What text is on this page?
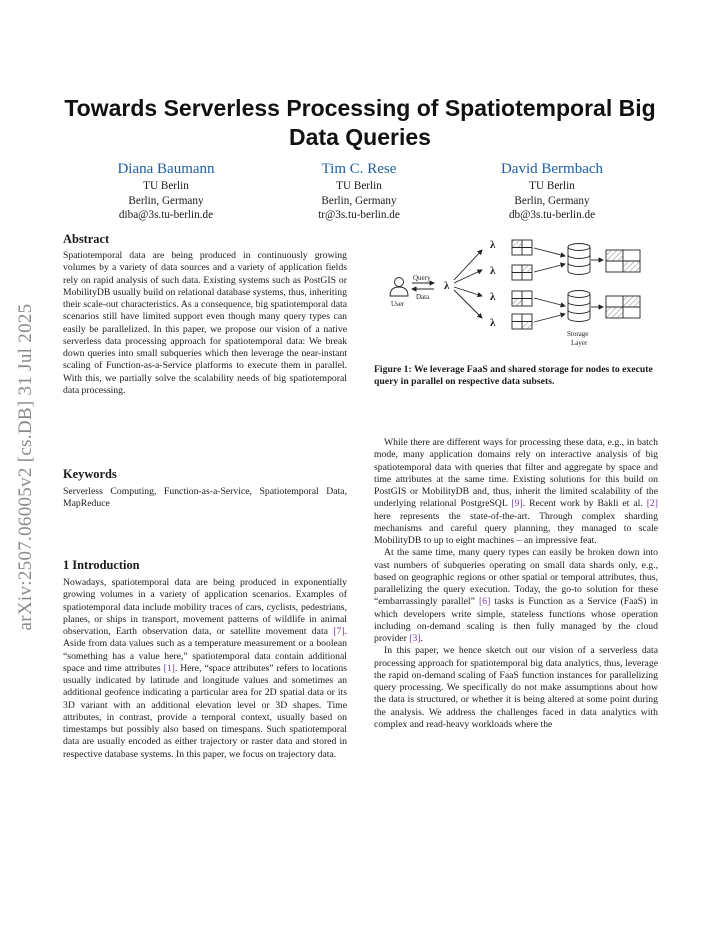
arXiv:2507.06005v2 [cs.DB] 31 Jul 2025
Towards Serverless Processing of Spatiotemporal Big Data Queries
Diana Baumann
TU Berlin
Berlin, Germany
diba@3s.tu-berlin.de
Tim C. Rese
TU Berlin
Berlin, Germany
tr@3s.tu-berlin.de
David Bermbach
TU Berlin
Berlin, Germany
db@3s.tu-berlin.de
Abstract

Spatiotemporal data are being produced in continuously growing volumes by a variety of data sources and a variety of application fields rely on rapid analysis of such data. Existing systems such as PostGIS or MobilityDB usually build on relational database systems, thus, inheriting their scale-out characteristics. As a consequence, big spatiotemporal data scenarios still have limited support even though many query types can easily be parallelized. In this paper, we propose our vision of a native serverless data processing approach for spatiotemporal data: We break down queries into small subqueries which then leverage the near-instant scaling of Function-as-a-Service platforms to execute them in parallel. With this, we partially solve the scalability needs of big spatiotemporal data processing.

Keywords

Serverless Computing, Function-as-a-Service, Spatiotemporal Data, MapReduce

1 Introduction

Nowadays, spatiotemporal data are being produced in exponentially growing volumes in a variety of application scenarios. Examples of spatiotemporal data include mobility traces of cars, cyclists, pedestrians, planes, or ships in transport, movement patterns of wildlife in animal observation, Earth observation data, or satellite movement data [7]. Aside from data values such as a temperature measurement or a boolean “something has a value here,” spatiotemporal data contain additional space and time attributes [1]. Here, “space attributes” refers to locations usually indicated by latitude and longitude values and sometimes an additional geofence indicating a particular area for 2D spatial data or its 3D variant with an additional elevation level or 3D shapes. Time attributes, in contrast, provide a temporal context, usually based on timestamps but possibly also based on timespans. Such spatiotemporal data are usually encoded as either trajectory or raster data and stored in respective database systems. In this paper, we focus on trajectory data.

User
Query
Data
λ
λ
λ
λ
λ
Storage
Layer
Figure 1: We leverage FaaS and shared storage for nodes to execute query in parallel on respective data subsets.

While there are different ways for processing these data, e.g., in batch mode, many application domains rely on interactive analysis of big spatiotemporal data with queries that filter and aggregate by space and time attributes at the same time. Existing solutions for this build on PostGIS or MobilityDB and, thus, inherit the limited scalability of the underlying relational PostgreSQL [9]. Recent work by Bakli et al. [2] here represents the state-of-the-art. Through complex sharding mechanisms and careful query planning, they managed to scale MobilityDB to up to eight machines – an impressive feat.

At the same time, many query types can easily be broken down into vast numbers of subqueries operating on small data shards only, e.g., based on geographic regions or other spatial or temporal attributes, thus, parallelizing the query execution. Today, the go-to solution for these “embarrassingly parallel” [6] tasks is Function as a Service (FaaS) in which developers write simple, stateless functions whose operation including on-demand scaling is then fully managed by the cloud provider [3].

In this paper, we hence sketch out our vision of a serverless data processing approach for spatiotemporal big data analytics, thus, leverage the rapid on-demand scaling of FaaS function instances for parallelizing query processing. We specifically do not make assumptions about how the data is structured, or whether it is being altered at some point during the analysis. We address the challenges faced in data analytics with complex and read-heavy workloads where the
